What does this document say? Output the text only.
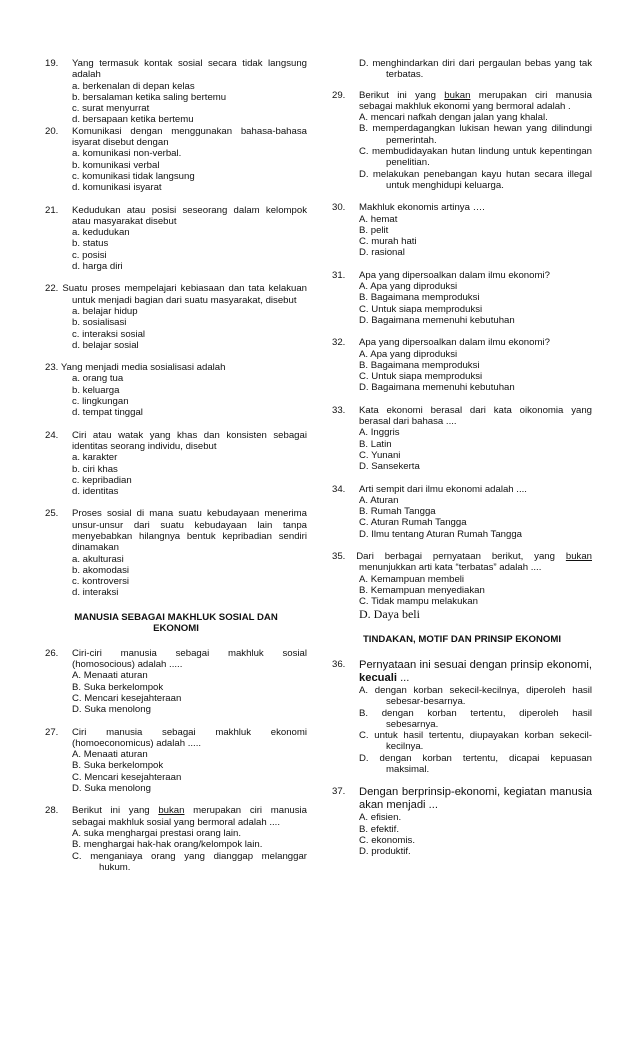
19. Yang termasuk kontak sosial secara tidak langsung adalah
a. berkenalan di depan kelas
b. bersalaman ketika saling bertemu
c. surat menyurrat
d. bersapaan ketika bertemu
20. Komunikasi dengan menggunakan bahasa-bahasa isyarat disebut dengan
a. komunikasi non-verbal.
b. komunikasi verbal
c. komunikasi tidak langsung
d. komunikasi isyarat
21. Kedudukan atau posisi seseorang dalam kelompok atau masyarakat disebut
a. kedudukan
b. status
c. posisi
d. harga diri
22. Suatu proses mempelajari kebiasaan dan tata kelakuan untuk menjadi bagian dari suatu masyarakat, disebut
a. belajar hidup
b. sosialisasi
c. interaksi sosial
d. belajar sosial
23. Yang menjadi media sosialisasi adalah
a. orang tua
b. keluarga
c. lingkungan
d. tempat tinggal
24. Ciri atau watak yang khas dan konsisten sebagai identitas seorang individu, disebut
a. karakter
b. ciri khas
c. kepribadian
d. identitas
25. Proses sosial di mana suatu kebudayaan menerima unsur-unsur dari suatu kebudayaan lain tanpa menyebabkan hilangnya bentuk kepribadian sendiri dinamakan
a. akulturasi
b. akomodasi
c. kontroversi
d. interaksi
MANUSIA SEBAGAI MAKHLUK SOSIAL DAN EKONOMI
26. Ciri-ciri manusia sebagai makhluk sosial (homosocious) adalah .....
A. Menaati aturan
B. Suka berkelompok
C. Mencari kesejahteraan
D. Suka menolong
27. Ciri manusia sebagai makhluk ekonomi (homoeconomicus) adalah .....
A. Menaati aturan
B. Suka berkelompok
C. Mencari kesejahteraan
D. Suka menolong
28. Berikut ini yang bukan merupakan ciri manusia sebagai makhluk sosial yang bermoral adalah ....
A. suka menghargai prestasi orang lain.
B. menghargai hak-hak orang/kelompok lain.
C. menganiaya orang yang dianggap melanggar hukum.
D. menghindarkan diri dari pergaulan bebas yang tak terbatas.
29. Berikut ini yang bukan merupakan ciri manusia sebagai makhluk ekonomi yang bermoral adalah .
A. mencari nafkah dengan jalan yang khalal.
B. memperdagangkan lukisan hewan yang dilindungi pemerintah.
C. membudidayakan hutan lindung untuk kepentingan penelitian.
D. melakukan penebangan kayu hutan secara illegal untuk menghidupi keluarga.
30. Makhluk ekonomis artinya ….
A. hemat
B. pelit
C. murah hati
D. rasional
31. Apa yang dipersoalkan dalam ilmu ekonomi?
A. Apa yang diproduksi
B. Bagaimana memproduksi
C. Untuk siapa memproduksi
D. Bagaimana memenuhi kebutuhan
32. Apa yang dipersoalkan dalam ilmu ekonomi?
A. Apa yang diproduksi
B. Bagaimana memproduksi
C. Untuk siapa memproduksi
D. Bagaimana memenuhi kebutuhan
33. Kata ekonomi berasal dari kata oikonomia yang berasal dari bahasa ....
A. Inggris
B. Latin
C. Yunani
D. Sansekerta
34. Arti sempit dari ilmu ekonomi adalah ....
A. Aturan
B. Rumah Tangga
C. Aturan Rumah Tangga
D. Ilmu tentang Aturan Rumah Tangga
35. Dari berbagai pernyataan berikut, yang bukan menunjukkan arti kata “terbatas” adalah ....
A. Kemampuan membeli
B. Kemampuan menyediakan
C. Tidak mampu melakukan
D. Daya beli
TINDAKAN, MOTIF DAN PRINSIP EKONOMI
36. Pernyataan ini sesuai dengan prinsip ekonomi, kecuali ...
A. dengan korban sekecil-kecilnya, diperoleh hasil sebesar-besarnya.
B. dengan korban tertentu, diperoleh hasil sebesarnya.
C. untuk hasil tertentu, diupayakan korban sekecil-kecilnya.
D. dengan korban tertentu, dicapai kepuasan maksimal.
37. Dengan berprinsip-ekonomi, kegiatan manusia akan menjadi ...
A. efisien.
B. efektif.
C. ekonomis.
D. produktif.
